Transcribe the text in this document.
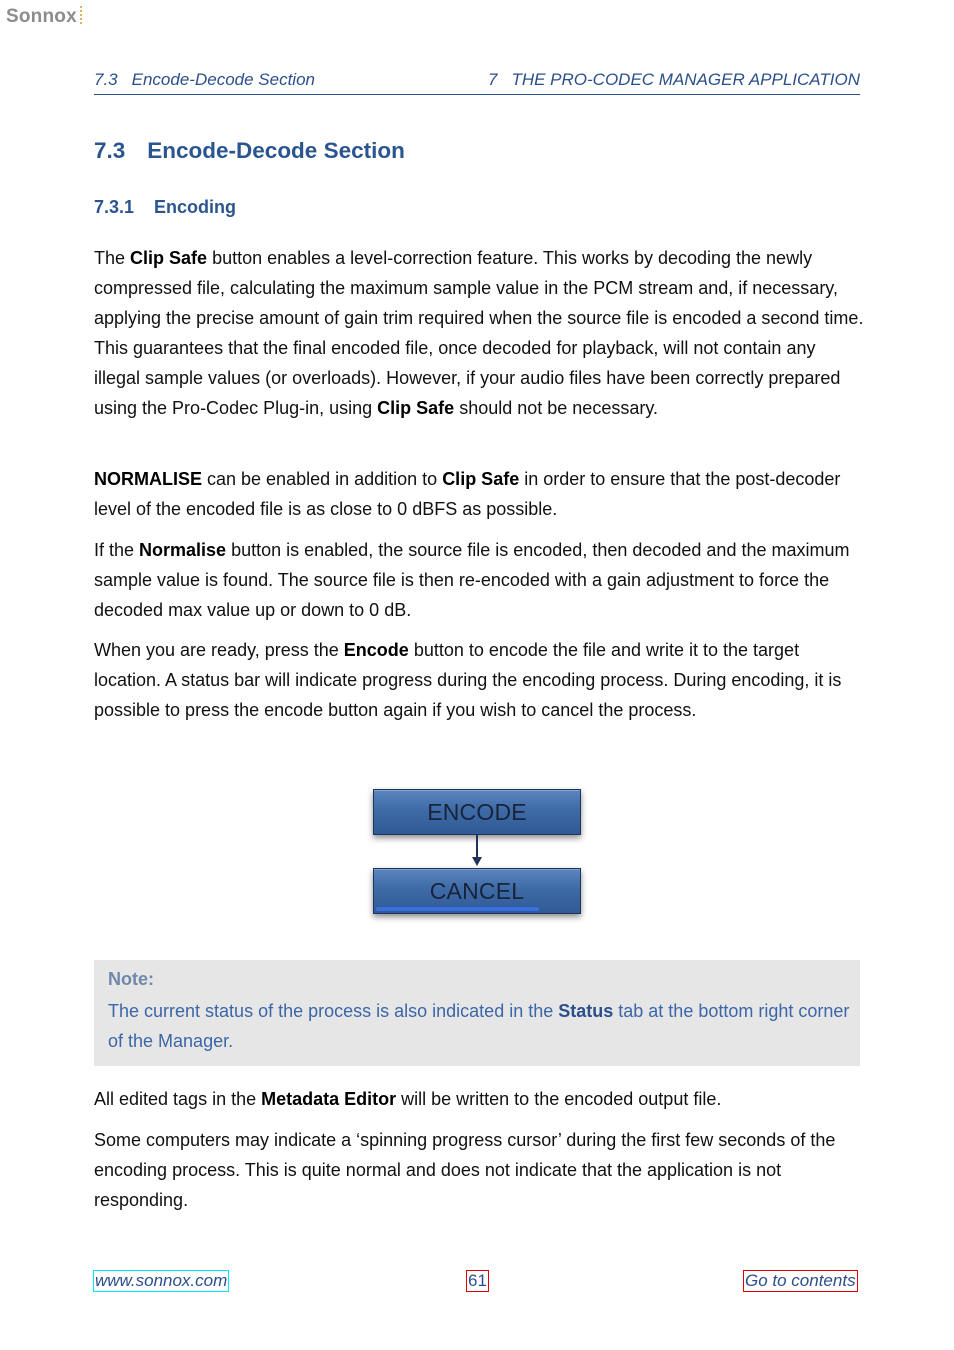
Sonnox
7.3 Encode-Decode Section	7 THE PRO-CODEC MANAGER APPLICATION
7.3 Encode-Decode Section
7.3.1 Encoding

The Clip Safe button enables a level-correction feature. This works by decoding the newly compressed file, calculating the maximum sample value in the PCM stream and, if necessary, applying the precise amount of gain trim required when the source file is encoded a second time. This guarantees that the final encoded file, once decoded for playback, will not contain any illegal sample values (or overloads). However, if your audio files have been correctly prepared using the Pro-Codec Plug-in, using Clip Safe should not be necessary.

NORMALISE can be enabled in addition to Clip Safe in order to ensure that the post-decoder level of the encoded file is as close to 0 dBFS as possible.

If the Normalise button is enabled, the source file is encoded, then decoded and the maximum sample value is found. The source file is then re-encoded with a gain adjustment to force the decoded max value up or down to 0 dB.

When you are ready, press the Encode button to encode the file and write it to the target location. A status bar will indicate progress during the encoding process. During encoding, it is possible to press the encode button again if you wish to cancel the process.

ENCODE
CANCEL
Note:
The current status of the process is also indicated in the Status tab at the bottom right corner of the Manager.

All edited tags in the Metadata Editor will be written to the encoded output file.

Some computers may indicate a ‘spinning progress cursor’ during the first few seconds of the encoding process. This is quite normal and does not indicate that the application is not responding.

www.sonnox.com	61	Go to contents
